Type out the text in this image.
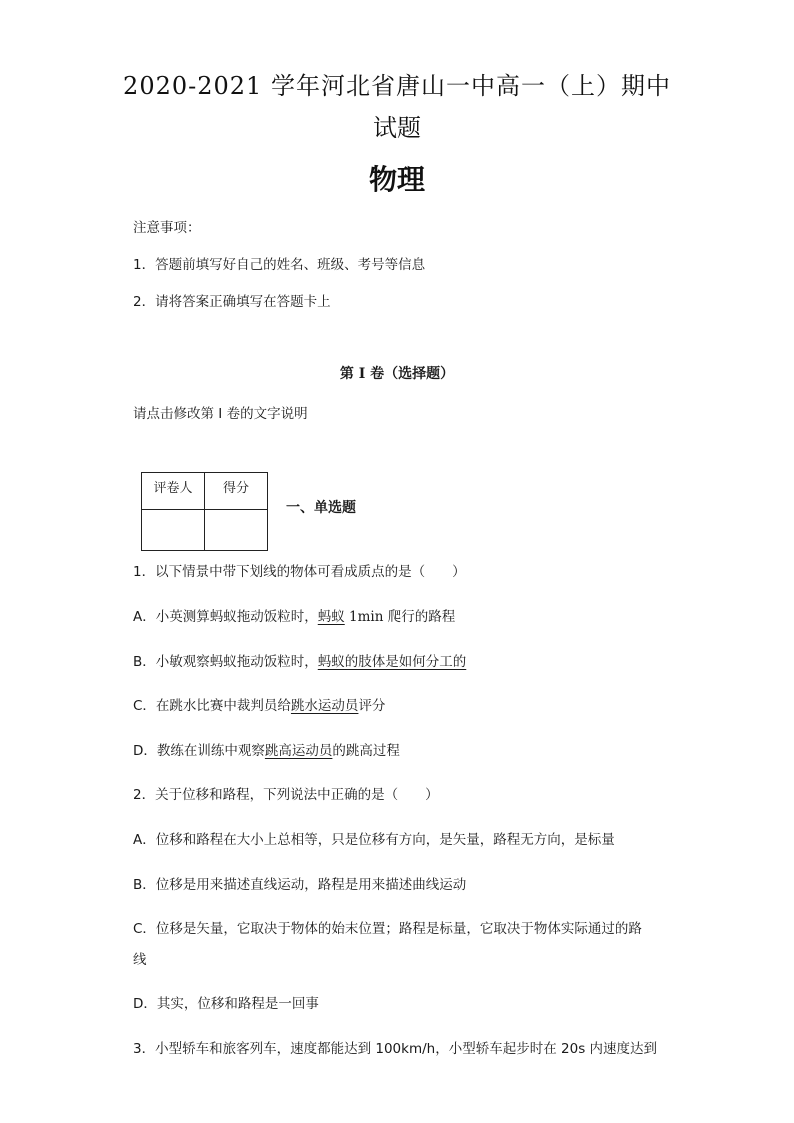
2020-2021 学年河北省唐山一中高一（上）期中
试题
物理
注意事项：
1．答题前填写好自己的姓名、班级、考号等信息
2．请将答案正确填写在答题卡上
第 I 卷（选择题）
请点击修改第 I 卷的文字说明
评卷人	得分

一、单选题
1．以下情景中带下划线的物体可看成质点的是（　　）
A．小英测算蚂蚁拖动饭粒时，蚂蚁 1min 爬行的路程
B．小敏观察蚂蚁拖动饭粒时，蚂蚁的肢体是如何分工的
C．在跳水比赛中裁判员给跳水运动员评分
D．教练在训练中观察跳高运动员的跳高过程
2．关于位移和路程，下列说法中正确的是（　　）
A．位移和路程在大小上总相等，只是位移有方向，是矢量，路程无方向，是标量
B．位移是用来描述直线运动，路程是用来描述曲线运动
C．位移是矢量，它取决于物体的始末位置；路程是标量，它取决于物体实际通过的路
线
D．其实，位移和路程是一回事
3．小型轿车和旅客列车，速度都能达到 100km/h，小型轿车起步时在 20s 内速度达到
